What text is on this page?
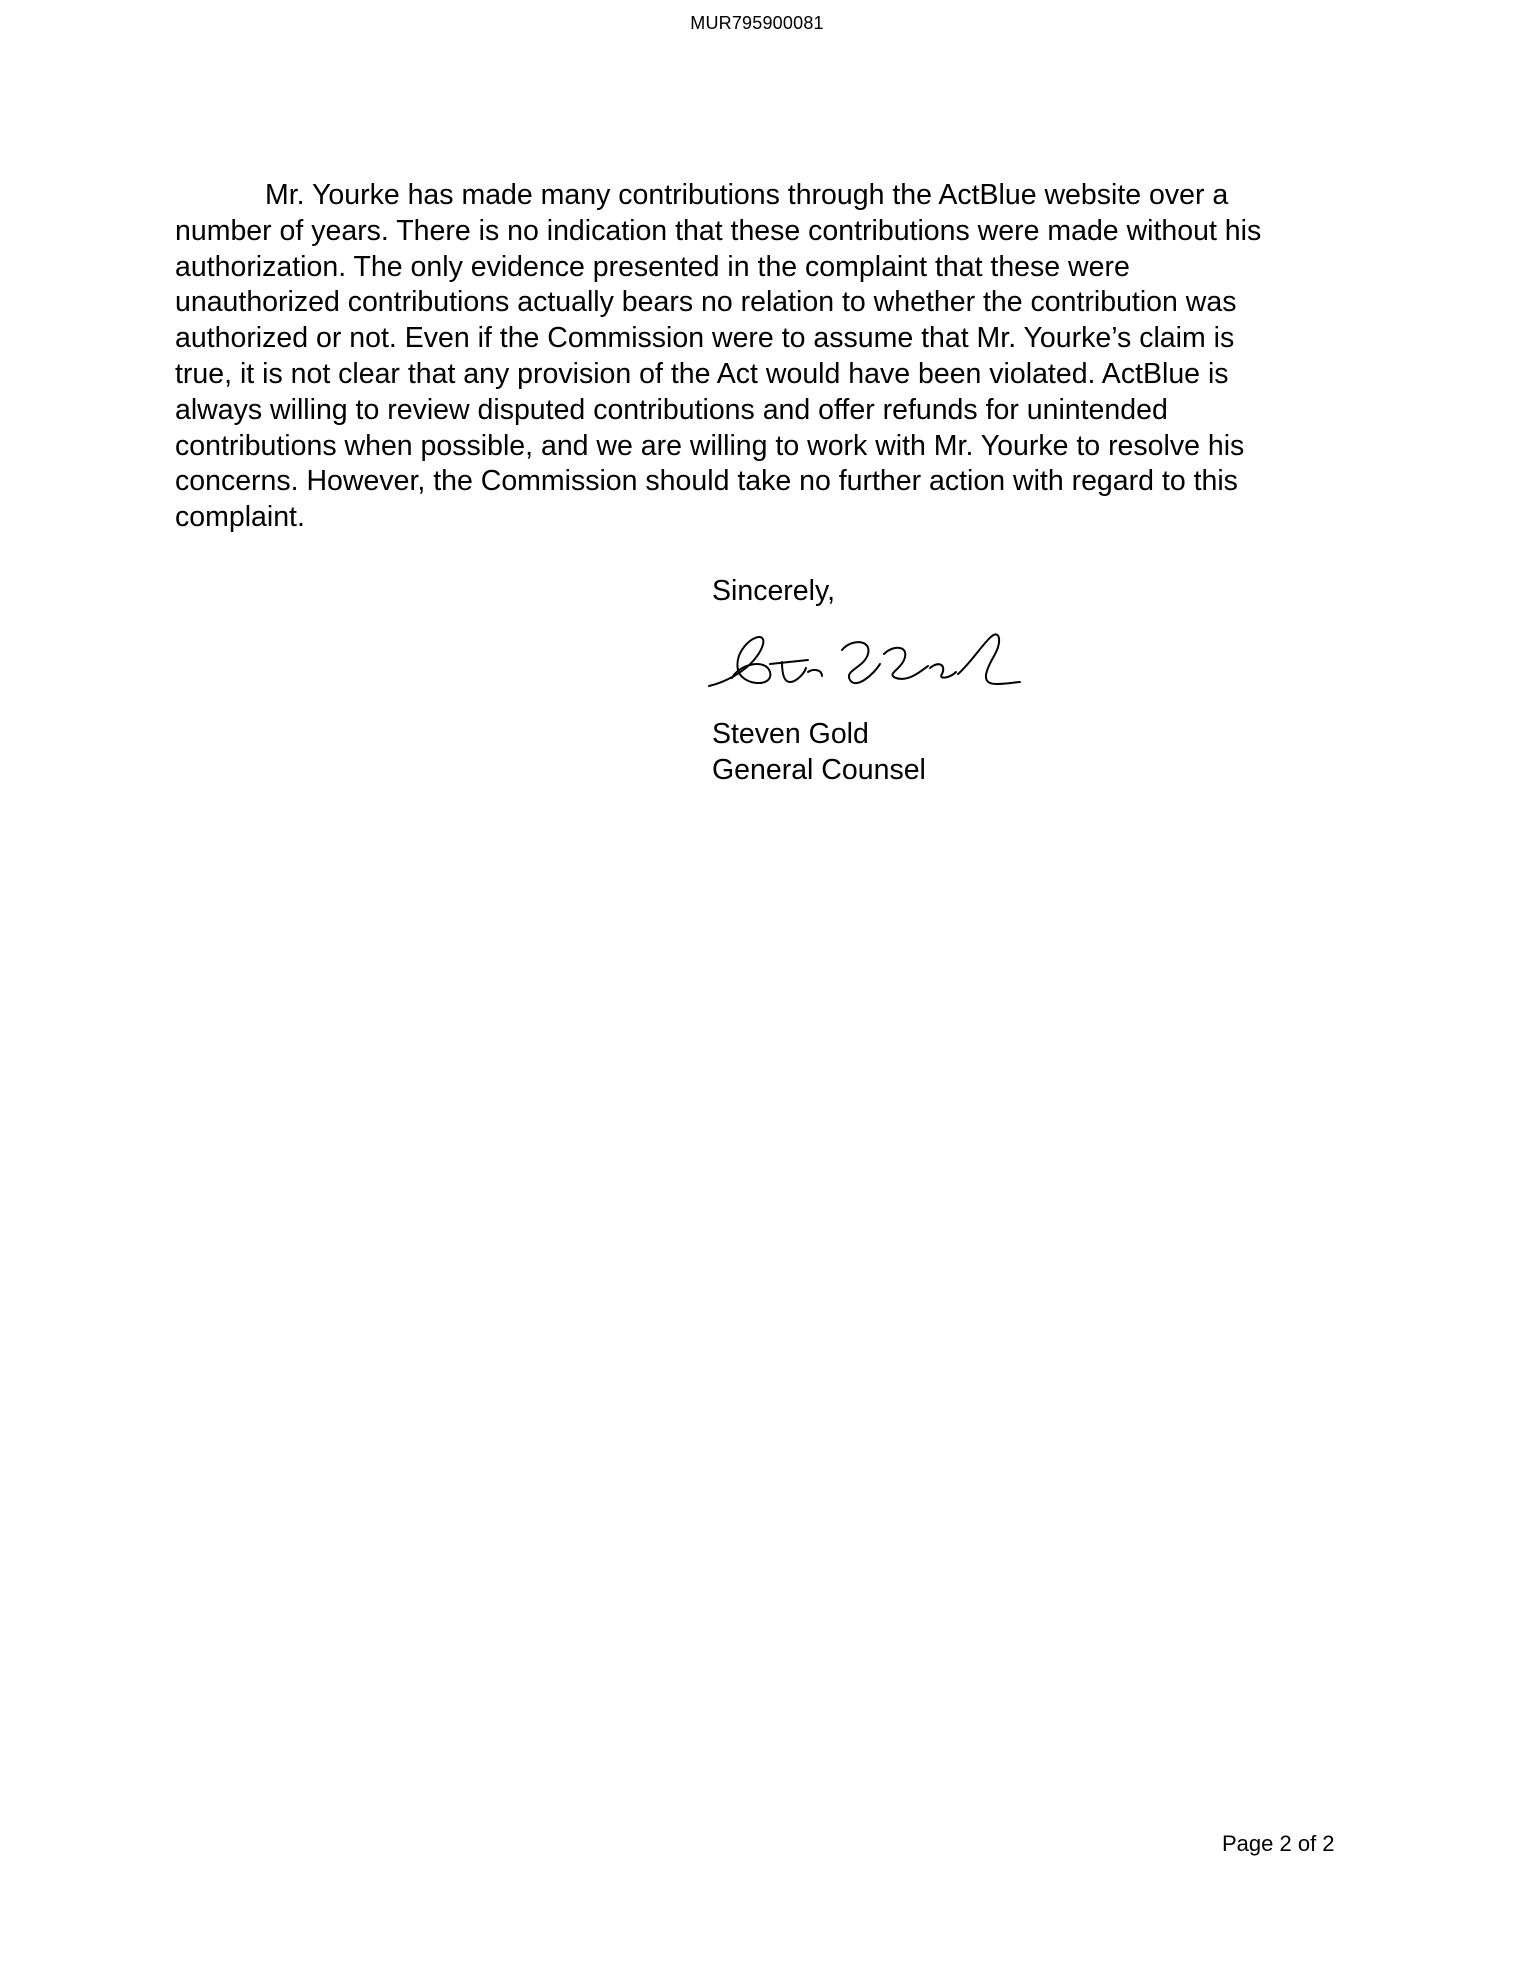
MUR795900081
Mr. Yourke has made many contributions through the ActBlue website over a
number of years. There is no indication that these contributions were made without his
authorization. The only evidence presented in the complaint that these were
unauthorized contributions actually bears no relation to whether the contribution was
authorized or not. Even if the Commission were to assume that Mr. Yourke’s claim is
true, it is not clear that any provision of the Act would have been violated. ActBlue is
always willing to review disputed contributions and offer refunds for unintended
contributions when possible, and we are willing to work with Mr. Yourke to resolve his
concerns. However, the Commission should take no further action with regard to this
complaint.
Sincerely,
Steven Gold
General Counsel
Page 2 of 2
